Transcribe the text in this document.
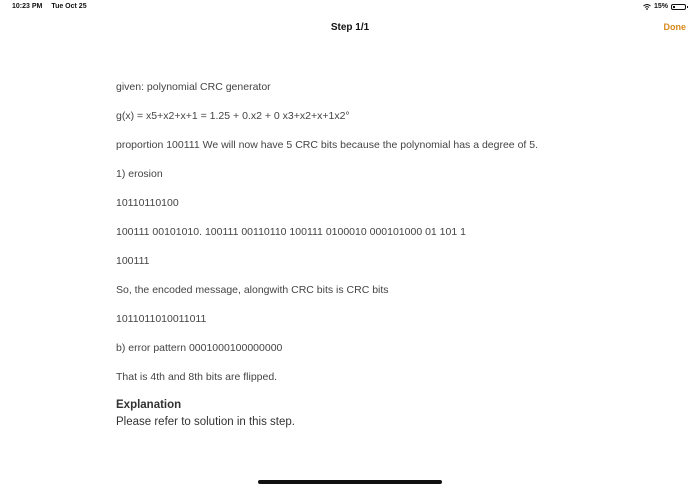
10:23 PM Tue Oct 25	15%
Step 1/1	Done

given: polynomial CRC generator

g(x) = x5+x2+x+1 = 1.25 + 0.x2 + 0 x3+x2+x+1x2°

proportion 100111 We will now have 5 CRC bits because the polynomial has a degree of 5.

1) erosion

10110110100

100111 00101010. 100111 00110110 100111 0100010 000101000 01 101 1

100111

So, the encoded message, alongwith CRC bits is CRC bits

1011011010011011

b) error pattern 0001000100000000

That is 4th and 8th bits are flipped.

Explanation

Please refer to solution in this step.
